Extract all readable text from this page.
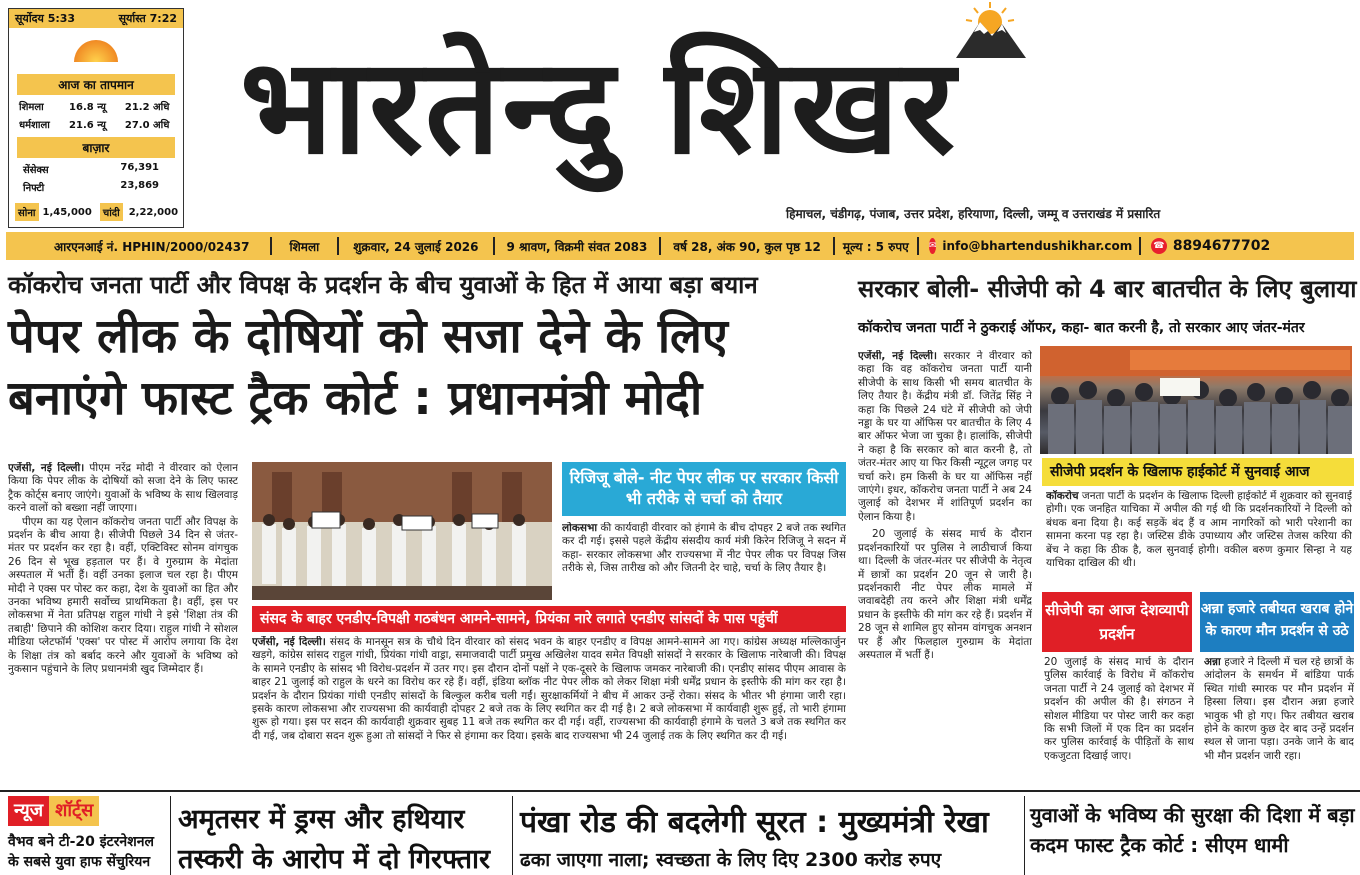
सूर्योदय 5:33	सूर्यास्त 7:22
आज का तापमान
शिमला	16.8 न्यू	21.2 अधि
धर्मशाला	21.6 न्यू	27.0 अधि
बाज़ार
सेंसेक्स	76,391
निफ्टी	23,869
सोना 1,45,000	चांदी 2,22,000
भारतेन्दु शिखर
हिमाचल, चंडीगढ़, पंजाब, उत्तर प्रदेश, हरियाणा, दिल्ली, जम्मू व उत्तराखंड में प्रसारित
आरएनआई नं. HPHIN/2000/02437	शिमला	शुक्रवार, 24 जुलाई 2026	9 श्रावण, विक्रमी संवत 2083	वर्ष 28, अंक 90, कुल पृष्ठ 12	मूल्य : 5 रुपए	✉ info@bhartendushikhar.com ☎ 8894677702
कॉकरोच जनता पार्टी और विपक्ष के प्रदर्शन के बीच युवाओं के हित में आया बड़ा बयान
पेपर लीक के दोषियों को सजा देने के लिए
बनाएंगे फास्ट ट्रैक कोर्ट : प्रधानमंत्री मोदी

एजेंसी, नई दिल्ली। पीएम नरेंद्र मोदी ने वीरवार को ऐलान किया कि पेपर लीक के दोषियों को सजा देने के लिए फास्ट ट्रैक कोर्ट्स बनाए जाएंगे। युवाओं के भविष्य के साथ खिलवाड़ करने वालों को बख्शा नहीं जाएगा।

पीएम का यह ऐलान कॉकरोच जनता पार्टी और विपक्ष के प्रदर्शन के बीच आया है। सीजेपी पिछले 34 दिन से जंतर-मंतर पर प्रदर्शन कर रहा है। वहीं, एक्टिविस्ट सोनम वांगचुक 26 दिन से भूख हड़ताल पर हैं। वे गुरुग्राम के मेदांता अस्पताल में भर्ती हैं। वहीं उनका इलाज चल रहा है। पीएम मोदी ने एक्स पर पोस्ट कर कहा, देश के युवाओं का हित और उनका भविष्य हमारी सर्वोच्च प्राथमिकता है। वहीं, इस पर लोकसभा में नेता प्रतिपक्ष राहुल गांधी ने इसे 'शिक्षा तंत्र की तबाही' छिपाने की कोशिश करार दिया। राहुल गांधी ने सोशल मीडिया प्लेटफॉर्म 'एक्स' पर पोस्ट में आरोप लगाया कि देश के शिक्षा तंत्र को बर्बाद करने और युवाओं के भविष्य को नुकसान पहुंचाने के लिए प्रधानमंत्री खुद जिम्मेदार हैं।

रिजिजू बोले- नीट पेपर लीक पर सरकार किसी भी तरीके से चर्चा को तैयार
लोकसभा की कार्यवाही वीरवार को हंगामे के बीच दोपहर 2 बजे तक स्थगित कर दी गई। इससे पहले केंद्रीय संसदीय कार्य मंत्री किरेन रिजिजू ने सदन में कहा- सरकार लोकसभा और राज्यसभा में नीट पेपर लीक पर विपक्ष जिस तरीके से, जिस तारीख को और जितनी देर चाहे, चर्चा के लिए तैयार है।
संसद के बाहर एनडीए-विपक्षी गठबंधन आमने-सामने, प्रियंका नारे लगाते एनडीए सांसदों के पास पहुंचीं
एजेंसी, नई दिल्ली। संसद के मानसून सत्र के चौथे दिन वीरवार को संसद भवन के बाहर एनडीए व विपक्ष आमने-सामने आ गए। कांग्रेस अध्यक्ष मल्लिकार्जुन खड़गे, कांग्रेस सांसद राहुल गांधी, प्रियंका गांधी वाड्रा, समाजवादी पार्टी प्रमुख अखिलेश यादव समेत विपक्षी सांसदों ने सरकार के खिलाफ नारेबाजी की। विपक्ष के सामने एनडीए के सांसद भी विरोध-प्रदर्शन में उतर गए। इस दौरान दोनों पक्षों ने एक-दूसरे के खिलाफ जमकर नारेबाजी की। एनडीए सांसद पीएम आवास के बाहर 21 जुलाई को राहुल के धरने का विरोध कर रहे हैं। वहीं, इंडिया ब्लॉक नीट पेपर लीक को लेकर शिक्षा मंत्री धर्मेंद्र प्रधान के इस्तीफे की मांग कर रहा है। प्रदर्शन के दौरान प्रियंका गांधी एनडीए सांसदों के बिल्कुल करीब चली गईं। सुरक्षाकर्मियों ने बीच में आकर उन्हें रोका। संसद के भीतर भी हंगामा जारी रहा। इसके कारण लोकसभा और राज्यसभा की कार्यवाही दोपहर 2 बजे तक के लिए स्थगित कर दी गई है। 2 बजे लोकसभा में कार्यवाही शुरू हुई, तो भारी हंगामा शुरू हो गया। इस पर सदन की कार्यवाही शुक्रवार सुबह 11 बजे तक स्थगित कर दी गई। वहीं, राज्यसभा की कार्यवाही हंगामे के चलते 3 बजे तक स्थगित कर दी गई, जब दोबारा सदन शुरू हुआ तो सांसदों ने फिर से हंगामा कर दिया। इसके बाद राज्यसभा भी 24 जुलाई तक के लिए स्थगित कर दी गई।
सरकार बोली- सीजेपी को 4 बार बातचीत के लिए बुलाया
कॉकरोच जनता पार्टी ने ठुकराई ऑफर, कहा- बात करनी है, तो सरकार आए जंतर-मंतर

एजेंसी, नई दिल्ली। सरकार ने वीरवार को कहा कि वह कॉकरोच जनता पार्टी यानी सीजेपी के साथ किसी भी समय बातचीत के लिए तैयार है। केंद्रीय मंत्री डॉ. जितेंद्र सिंह ने कहा कि पिछले 24 घंटे में सीजेपी को जेपी नड्डा के घर या ऑफिस पर बातचीत के लिए 4 बार ऑफर भेजा जा चुका है। हालांकि, सीजेपी ने कहा है कि सरकार को बात करनी है, तो जंतर-मंतर आए या फिर किसी न्यूट्रल जगह पर चर्चा करे। हम किसी के घर या ऑफिस नहीं जाएंगे। इधर, कॉकरोच जनता पार्टी ने अब 24 जुलाई को देशभर में शांतिपूर्ण प्रदर्शन का ऐलान किया है।

20 जुलाई के संसद मार्च के दौरान प्रदर्शनकारियों पर पुलिस ने लाठीचार्ज किया था। दिल्ली के जंतर-मंतर पर सीजेपी के नेतृत्व में छात्रों का प्रदर्शन 20 जून से जारी है। प्रदर्शनकारी नीट पेपर लीक मामले में जवाबदेही तय करने और शिक्षा मंत्री धर्मेंद्र प्रधान के इस्तीफे की मांग कर रहे हैं। प्रदर्शन में 28 जून से शामिल हुए सोनम वांगचुक अनशन पर हैं और फिलहाल गुरुग्राम के मेदांता अस्पताल में भर्ती हैं।

सीजेपी प्रदर्शन के खिलाफ हाईकोर्ट में सुनवाई आज
कॉकरोच जनता पार्टी के प्रदर्शन के खिलाफ दिल्ली हाईकोर्ट में शुक्रवार को सुनवाई होगी। एक जनहित याचिका में अपील की गई थी कि प्रदर्शनकारियों ने दिल्ली को बंधक बना दिया है। कई सड़कें बंद हैं व आम नागरिकों को भारी परेशानी का सामना करना पड़ रहा है। जस्टिस डीके उपाध्याय और जस्टिस तेजस करिया की बेंच ने कहा कि ठीक है, कल सुनवाई होगी। वकील बरुण कुमार सिन्हा ने यह याचिका दाखिल की थी।
सीजेपी का आज देशव्यापी प्रदर्शन
अन्ना हजारे तबीयत खराब होने के कारण मौन प्रदर्शन से उठे
20 जुलाई के संसद मार्च के दौरान पुलिस कार्रवाई के विरोध में कॉकरोच जनता पार्टी ने 24 जुलाई को देशभर में प्रदर्शन की अपील की है। संगठन ने सोशल मीडिया पर पोस्ट जारी कर कहा कि सभी जिलों में एक दिन का प्रदर्शन कर पुलिस कार्रवाई के पीड़ितों के साथ एकजुटता दिखाई जाए।
अन्ना हजारे ने दिल्ली में चल रहे छात्रों के आंदोलन के समर्थन में बांडिया पार्क स्थित गांधी स्मारक पर मौन प्रदर्शन में हिस्सा लिया। इस दौरान अन्ना हजारे भावुक भी हो गए। फिर तबीयत खराब होने के कारण कुछ देर बाद उन्हें प्रदर्शन स्थल से जाना पड़ा। उनके जाने के बाद भी मौन प्रदर्शन जारी रहा।
न्यूज शॉर्ट्स
वैभव बने टी-20 इंटरनेशनल के सबसे युवा हाफ सेंचुरियन
अमृतसर में ड्रग्स और हथियार तस्करी के आरोप में दो गिरफ्तार
पंखा रोड की बदलेगी सूरत : मुख्यमंत्री रेखा
ढका जाएगा नाला; स्वच्छता के लिए दिए 2300 करोड रुपए
युवाओं के भविष्य की सुरक्षा की दिशा में बड़ा कदम फास्ट ट्रैक कोर्ट : सीएम धामी
